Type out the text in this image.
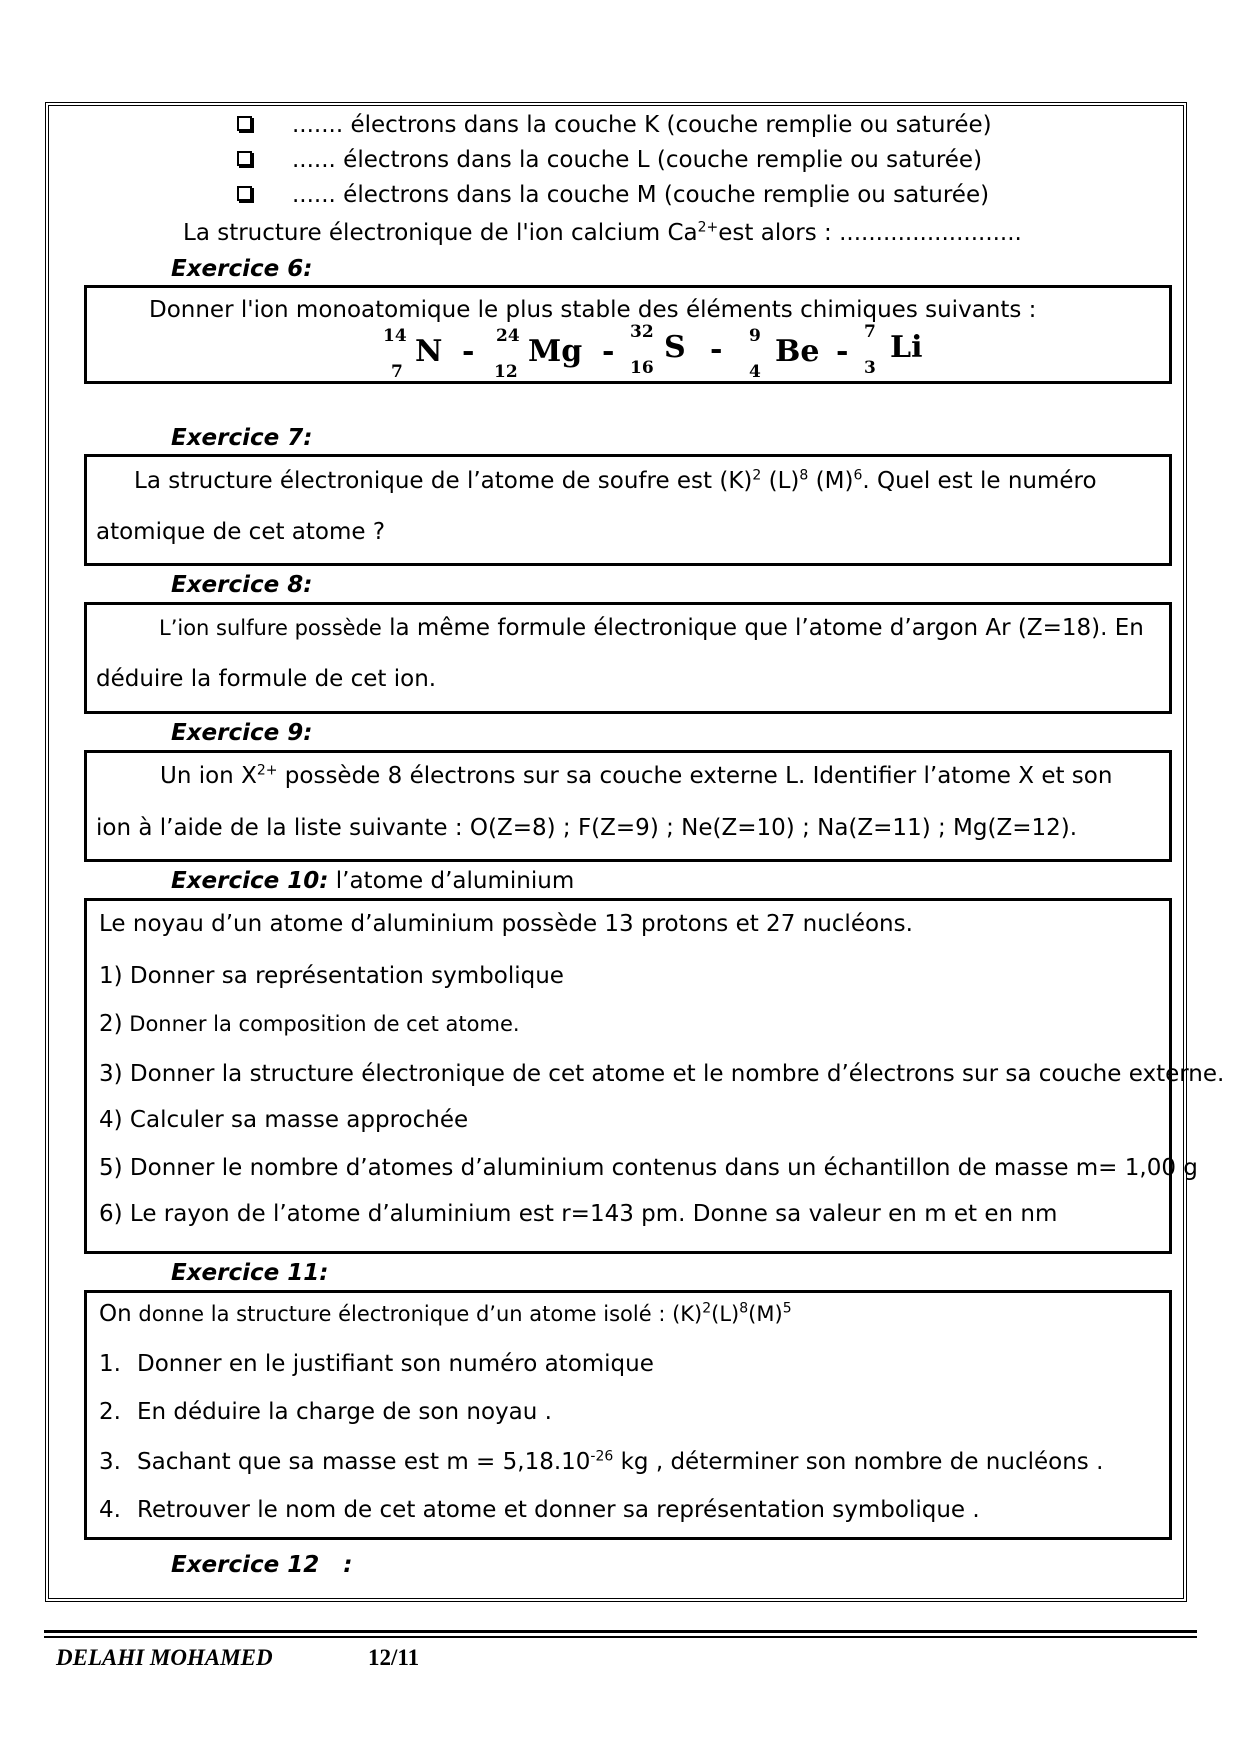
....... électrons dans la couche K (couche remplie ou saturée)
...... électrons dans la couche L (couche remplie ou saturée)
...... électrons dans la couche M (couche remplie ou saturée)
La structure électronique de l'ion calcium $Ca^{2+}est$ alors : .........................
Exercice 6:
Donner l'ion monoatomique le plus stable des éléments chimiques suivants :
14
7
N - 24
12
Mg -
32
16
S - 9
4
Be -
7
3
Li
Exercice 7:
La structure électronique de l’atome de soufre est $(K)^2$ $(L)^8$ $(M)^6$. Quel est le numéro
atomique de cet atome ?
Exercice 8:
L’ion sulfure possède la même formule électronique que l’atome d’argon Ar (Z=18). En
déduire la formule de cet ion.
Exercice 9:
Un ion $X^{2+}$ possède 8 électrons sur sa couche externe L. Identifier l’atome X et son
ion à l’aide de la liste suivante : O(Z=8) ; F(Z=9) ; Ne(Z=10) ; Na(Z=11) ; Mg(Z=12).
Exercice 10: l’atome d’aluminium
Le noyau d’un atome d’aluminium possède 13 protons et 27 nucléons.
1) Donner sa représentation symbolique
2) Donner la composition de cet atome.
3) Donner la structure électronique de cet atome et le nombre d’électrons sur sa couche externe.
4) Calculer sa masse approchée
5) Donner le nombre d’atomes d’aluminium contenus dans un échantillon de masse m= 1,00 g
6) Le rayon de l’atome d’aluminium est r=143 pm. Donne sa valeur en m et en nm
Exercice 11:
On donne la structure électronique d’un atome isolé : $(K)^2(L)^8(M)^5$
1. Donner en le justifiant son numéro atomique
2. En déduire la charge de son noyau .
3. Sachant que sa masse est $m = 5,18.10^{-26}$ kg , déterminer son nombre de nucléons .
4. Retrouver le nom de cet atome et donner sa représentation symbolique .
Exercice 12 :
DELAHI MOHAMED	12/11
